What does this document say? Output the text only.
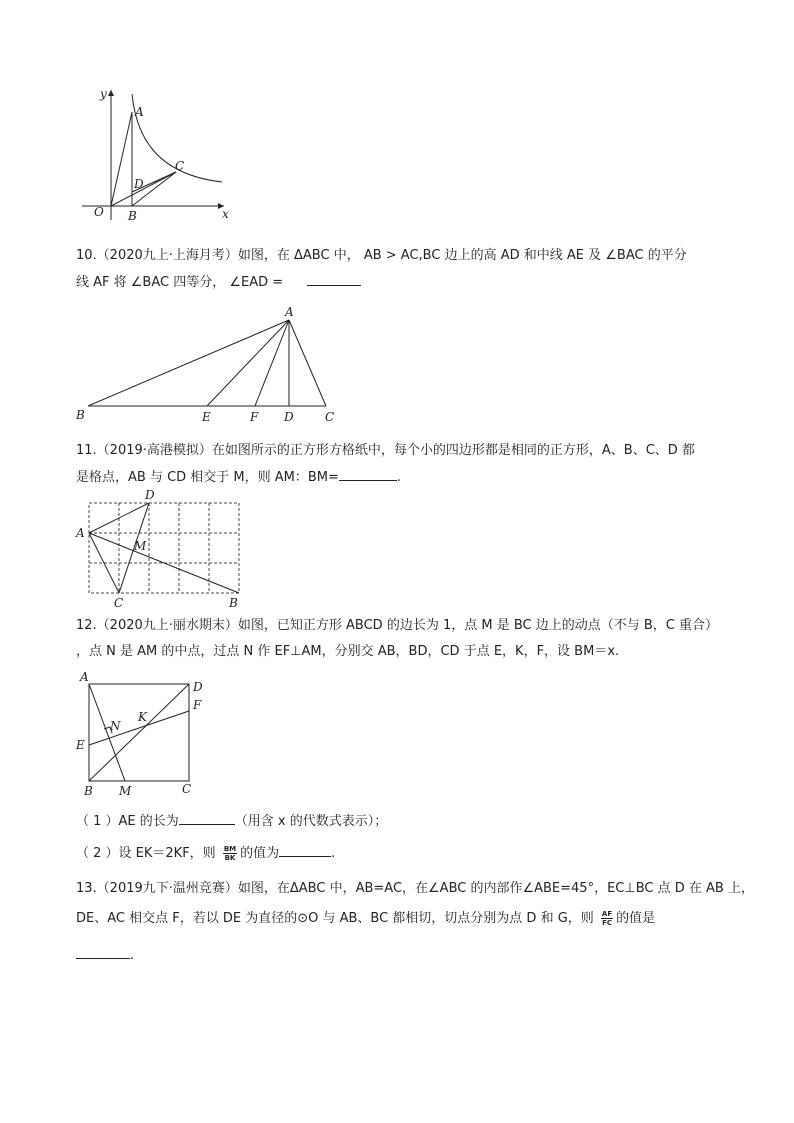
y
x
O
A
B
C
D
10.（2020九上·上海月考）如图，在 ΔABC 中， AB > AC,BC 边上的高 AD 和中线 AE 及 ∠BAC 的平分
线 AF 将 ∠BAC 四等分， ∠EAD =
A
B	E	F D	C
11.（2019·高港模拟）在如图所示的正方形方格纸中，每个小的四边形都是相同的正方形，A、B、C、D 都
是格点，AB 与 CD 相交于 M，则 AM：BM=	.
A
D
M
C	B
12.（2020九上·丽水期末）如图，已知正方形 ABCD 的边长为 1，点 M 是 BC 边上的动点（不与 B，C 重合）
，点 N 是 AM 的中点，过点 N 作 EF⊥AM，分别交 AB，BD，CD 于点 E，K，F，设 BM＝x.
A
D
F
K
N
E
B M	C
（ 1 ）AE 的长为	（用含 x 的代数式表示）；
（ 2 ）设 EK＝2KF，则 $\frac{BM}{BK}$ 的值为	.
13.（2019九下·温州竞赛）如图，在ΔABC 中，AB=AC，在∠ABC 的内部作∠ABE=45°，EC⊥BC 点 D 在 AB 上，
DE、AC 相交点 F，若以 DE 为直径的⊙O 与 AB、BC 都相切，切点分别为点 D 和 G，则 $\frac{AF}{FC}$ 的值是
.
